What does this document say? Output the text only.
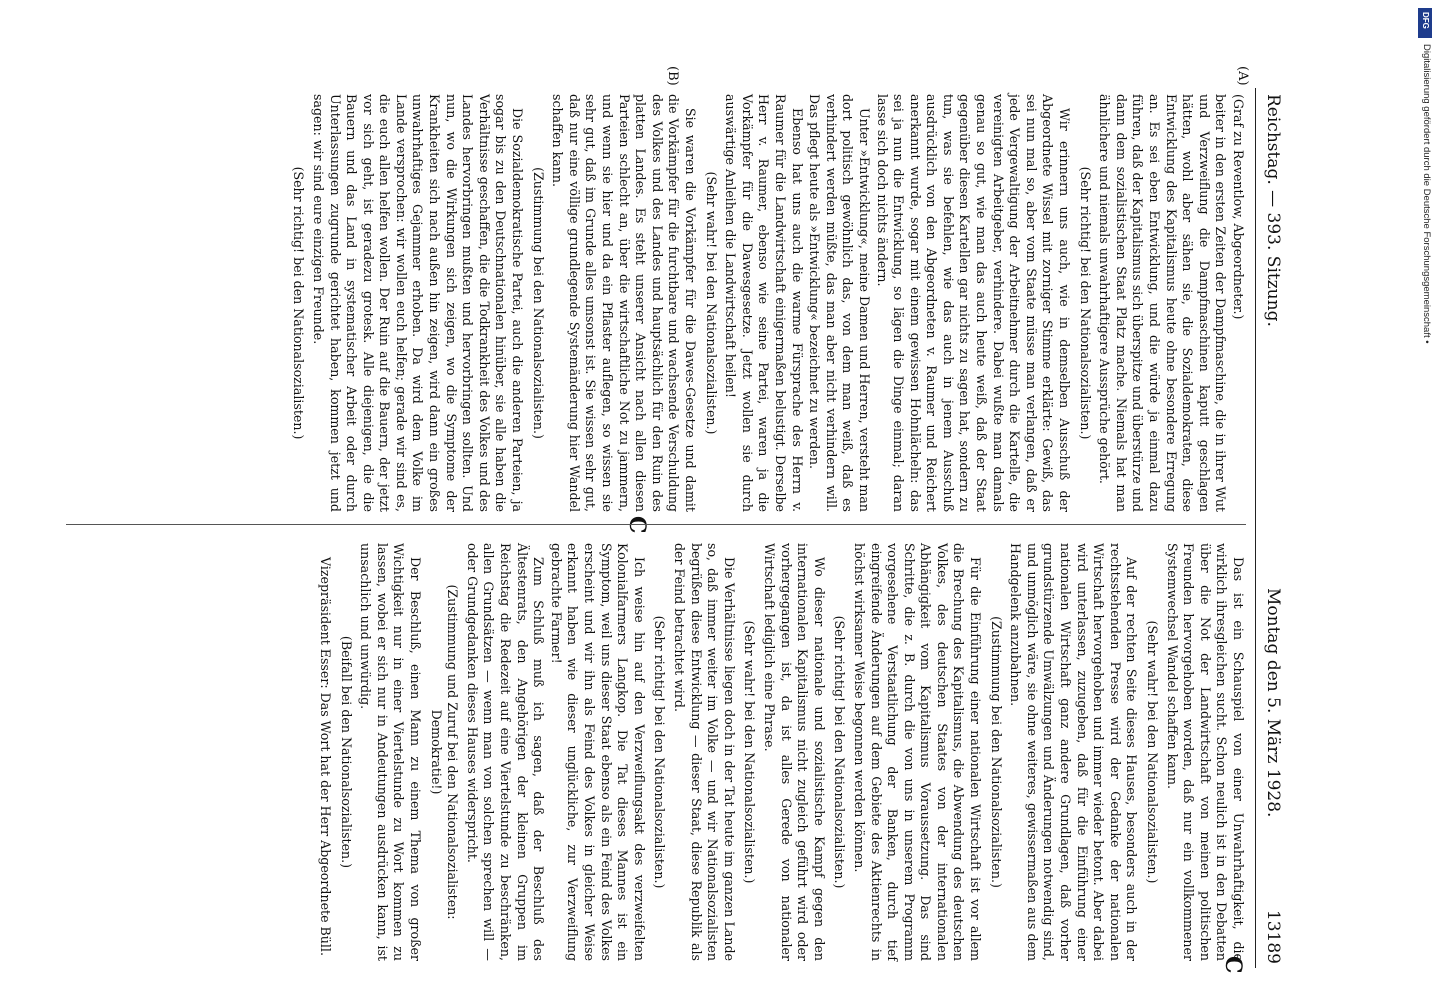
Reichstag. — 393. Sitzung.
Montag den 5. März 1928.
13189
(A)
(B)
C
C

(Graf zu Reventlow, Abgeordneter.)

beiter in den ersten Zeiten der Dampfmaschine, die in ihrer Wut und Verzweiflung die Dampfmaschinen kaputt geschlagen hätten, wohl aber sähen sie, die Sozialdemokraten, diese Entwicklung des Kapitalismus heute ohne besondere Erregung an. Es sei eben Entwicklung, und die würde ja einmal dazu führen, daß der Kapitalismus sich überspitze und überstürze und dann dem sozialistischen Staat Platz mache. Niemals hat man ähnlichere und niemals unwahrhaftigere Aussprüche gehört.

(Sehr richtig! bei den Nationalsozialisten.)

Wir erinnern uns auch, wie in demselben Ausschuß der Abgeordnete Wissel mit zorniger Stimme erklärte: Gewiß, das sei nun mal so, aber vom Staate müsse man verlangen, daß er jede Vergewaltigung der Arbeitnehmer durch die Kartelle, die vereinigten Arbeitgeber, verhindere. Dabei wußte man damals genau so gut, wie man das auch heute weiß, daß der Staat gegenüber diesen Kartellen gar nichts zu sagen hat, sondern zu tun, was sie befehlen, wie das auch in jenem Ausschuß ausdrücklich von den Abgeordneten v. Raumer und Reichert anerkannt wurde, sogar mit einem gewissen Hohnlächeln: das sei ja nun die Entwicklung, so lägen die Dinge einmal; daran lasse sich doch nichts ändern.

Unter »Entwicklung«, meine Damen und Herren, versteht man dort politisch gewöhnlich das, von dem man weiß, daß es verhindert werden müßte, das man aber nicht verhindern will. Das pflegt heute als »Entwicklung« bezeichnet zu werden.

Ebenso hat uns auch die warme Fürsprache des Herrn v. Raumer für die Landwirtschaft einigermaßen belustigt. Derselbe Herr v. Raumer, ebenso wie seine Partei, waren ja die Vorkämpfer für die Dawesgesetze. Jetzt wollen sie durch auswärtige Anleihen die Landwirtschaft heilen!

(Sehr wahr! bei den Nationalsozialisten.)

Sie waren die Vorkämpfer für die Dawes-Gesetze und damit die Vorkämpfer für die furchtbare und wachsende Verschuldung des Volkes und des Landes und hauptsächlich für den Ruin des platten Landes. Es steht unserer Ansicht nach allen diesen Parteien schlecht an, über die wirtschaftliche Not zu jammern, und wenn sie hier und da ein Pflaster auflegen, so wissen sie sehr gut, daß im Grunde alles umsonst ist. Sie wissen sehr gut, daß nur eine völlige grundlegende Systemänderung hier Wandel schaffen kann.

(Zustimmung bei den Nationalsozialisten.)

Die Sozialdemokratische Partei, auch die anderen Parteien, ja sogar bis zu den Deutschnationalen hinüber, sie alle haben die Verhältnisse geschaffen, die die Todkrankheit des Volkes und des Landes hervorbringen mußten und hervorbringen sollten. Und nun, wo die Wirkungen sich zeigen, wo die Symptome der Krankheiten sich nach außen hin zeigen, wird dann ein großes unwahrhaftiges Gejammer erhoben. Da wird dem Volke im Lande versprochen: wir wollen euch helfen; gerade wir sind es, die euch allen helfen wollen. Der Ruin auf die Bauern, der jetzt vor sich geht, ist geradezu grotesk. Alle diejenigen, die die Bauern und das Land in systematischer Arbeit oder durch Unterlassungen zugrunde gerichtet haben, kommen jetzt und sagen: wir sind eure einzigen Freunde.

(Sehr richtig! bei den Nationalsozialisten.)

Das ist ein Schauspiel von einer Unwahrhaftigkeit, die wirklich ihresgleichen sucht. Schon neulich ist in den Debatten über die Not der Landwirtschaft von meinen politischen Freunden hervorgehoben worden, daß nur ein vollkommener Systemwechsel Wandel schaffen kann.

(Sehr wahr! bei den Nationalsozialisten.)

Auf der rechten Seite dieses Hauses, besonders auch in der rechtsstehenden Presse wird der Gedanke der nationalen Wirtschaft hervorgehoben und immer wieder betont. Aber dabei wird unterlassen, zuzugeben, daß für die Einführung einer nationalen Wirtschaft ganz andere Grundlagen, daß vorher grundstürzende Umwälzungen und Änderungen notwendig sind, und unmöglich wäre, sie ohne weiteres, gewissermaßen aus dem Handgelenk anzubahnen.

(Zustimmung bei den Nationalsozialisten.)

Für die Einführung einer nationalen Wirtschaft ist vor allem die Brechung des Kapitalismus, die Abwendung des deutschen Volkes, des deutschen Staates von der internationalen Abhängigkeit vom Kapitalismus Voraussetzung. Das sind Schritte, die z. B. durch die von uns in unserem Programm vorgesehene Verstaatlichung der Banken, durch tief eingreifende Änderungen auf dem Gebiete des Aktienrechts in höchst wirksamer Weise begonnen werden können.

(Sehr richtig! bei den Nationalsozialisten.)

Wo dieser nationale und sozialistische Kampf gegen den internationalen Kapitalismus nicht zugleich geführt wird oder vorhergegangen ist, da ist alles Gerede von nationaler Wirtschaft lediglich eine Phrase.

(Sehr wahr! bei den Nationalsozialisten.)

Die Verhältnisse liegen doch in der Tat heute im ganzen Lande so, daß immer weiter im Volke — und wir Nationalsozialisten begrüßen diese Entwicklung — dieser Staat, diese Republik als der Feind betrachtet wird.

(Sehr richtig! bei den Nationalsozialisten.)

Ich weise hin auf den Verzweiflungsakt des verzweifelten Kolonialfarmers Langkop. Die Tat dieses Mannes ist ein Symptom, weil uns dieser Staat ebenso als ein Feind des Volkes erscheint und wir ihn als Feind des Volkes in gleicher Weise erkannt haben wie dieser unglückliche, zur Verzweiflung gebrachte Farmer!

Zum Schluß muß ich sagen, daß der Beschluß des Ältestenrats, den Angehörigen der kleinen Gruppen im Reichstag die Redezeit auf eine Viertelstunde zu beschränken, allen Grundsätzen — wenn man von solchen sprechen will — oder Grundgedanken dieses Hauses widerspricht.

(Zustimmung und Zuruf bei den Nationalsozialisten: Demokratie!)

Der Beschluß, einen Mann zu einem Thema von großer Wichtigkeit nur in einer Viertelstunde zu Wort kommen zu lassen, wobei er sich nur in Andeutungen ausdrücken kann, ist unsachlich und unwürdig.

(Beifall bei den Nationalsozialisten.)

Vizepräsident Esser: Das Wort hat der Herr Abgeordnete Büll.

DFG
Digitalisierung gefördert durch die Deutsche Forschungsgemeinschaft •
